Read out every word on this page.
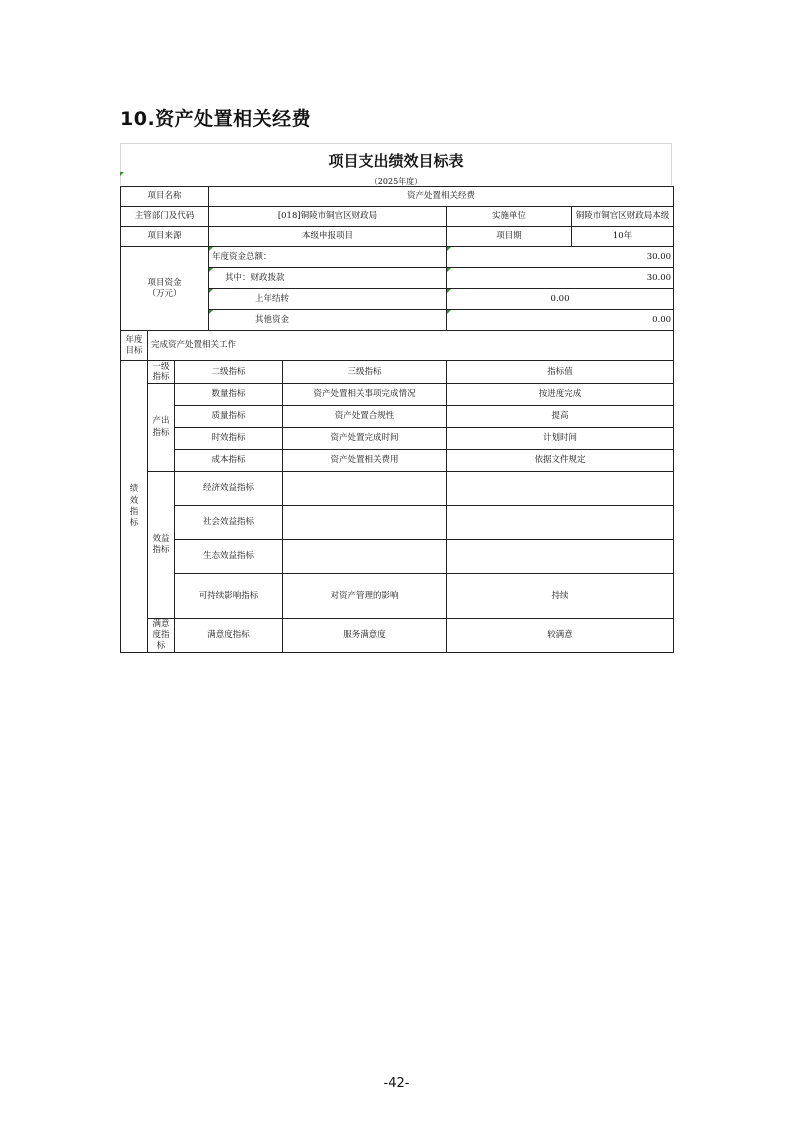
10.资产处置相关经费
项目支出绩效目标表
（2025年度）
项目名称			资产处置相关经费			
主管部门及代码			[018]铜陵市铜官区财政局		实施单位	铜陵市铜官区财政局本级
项目来源			本级申报项目		项目期	10年
项目资金（万元）			年度资金总额：		30.00	

其中：财政拨款		30.00	

上年结转		0.00	

其他资金		0.00	
年度目标	完成资产处置相关工作					
绩效指标	一级指标	二级指标		三级指标	指标值	
	产出指标	数量指标		资产处置相关事项完成情况	按进度完成	
		质量指标		资产处置合规性	提高	
		时效指标		资产处置完成时间	计划时间	
		成本指标		资产处置相关费用	依据文件规定	
	效益指标	经济效益指标				
		社会效益指标				
		生态效益指标				
		可持续影响指标		对资产管理的影响	持续	
	满意度指标	满意度指标		服务满意度	较满意	
-42-
